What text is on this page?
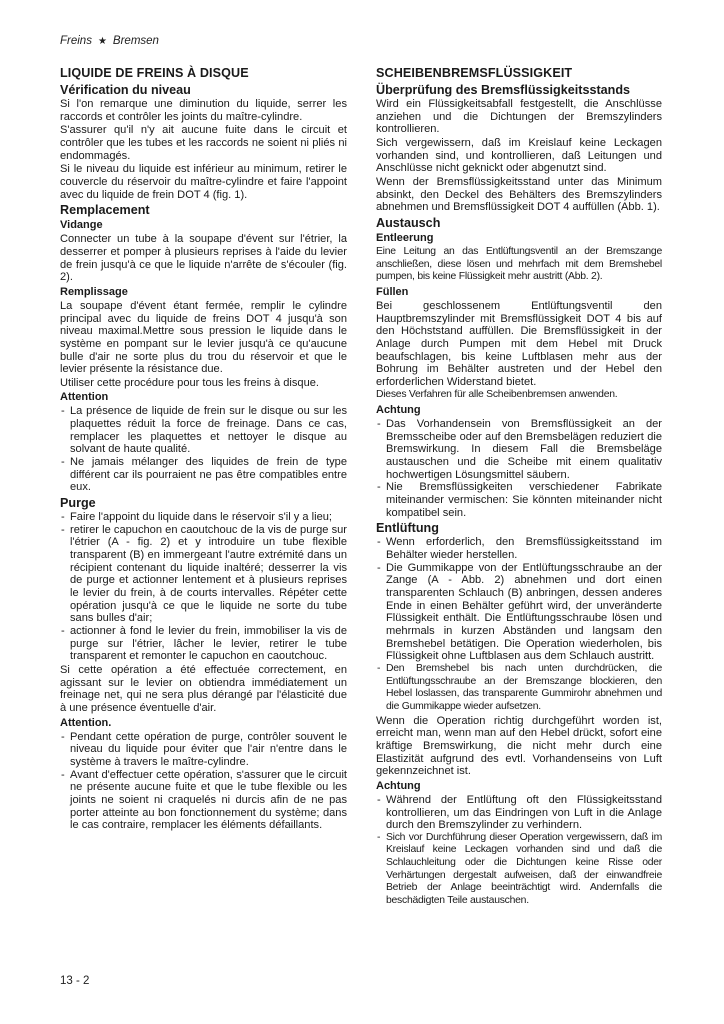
Freins ★ Bremsen
LIQUIDE DE FREINS À DISQUE
Vérification du niveau

Si l'on remarque une diminution du liquide, serrer les raccords et contrôler les joints du maître-cylindre.

S'assurer qu'il n'y ait aucune fuite dans le circuit et contrôler que les tubes et les raccords ne soient ni pliés ni endommagés.

Si le niveau du liquide est inférieur au minimum, retirer le couvercle du réservoir du maître-cylindre et faire l'appoint avec du liquide de frein DOT 4 (fig. 1).

Remplacement
Vidange

Connecter un tube à la soupape d'évent sur l'étrier, la desserrer et pomper à plusieurs reprises à l'aide du levier de frein jusqu'à ce que le liquide n'arrête de s'écouler (fig. 2).

Remplissage

La soupape d'évent étant fermée, remplir le cylindre principal avec du liquide de freins DOT 4 jusqu'à son niveau maximal.Mettre sous pression le liquide dans le système en pompant sur le levier jusqu'à ce qu'aucune bulle d'air ne sorte plus du trou du réservoir et que le levier présente la résistance due.

Utiliser cette procédure pour tous les freins à disque.

Attention
- La présence de liquide de frein sur le disque ou sur les plaquettes réduit la force de freinage. Dans ce cas, remplacer les plaquettes et nettoyer le disque au solvant de haute qualité.
- Ne jamais mélanger des liquides de frein de type différent car ils pourraient ne pas être compatibles entre eux.
Purge
- Faire l'appoint du liquide dans le réservoir s'il y a lieu;
- retirer le capuchon en caoutchouc de la vis de purge sur l'étrier (A - fig. 2) et y introduire un tube flexible transparent (B) en immergeant l'autre extrémité dans un récipient contenant du liquide inaltéré; desserrer la vis de purge et actionner lentement et à plusieurs reprises le levier du frein, à de courts intervalles. Répéter cette opération jusqu'à ce que le liquide ne sorte du tube sans bulles d'air;
- actionner à fond le levier du frein, immobiliser la vis de purge sur l'étrier, lâcher le levier, retirer le tube transparent et remonter le capuchon en caoutchouc.

Si cette opération a été effectuée correctement, en agissant sur le levier on obtiendra immédiatement un freinage net, qui ne sera plus dérangé par l'élasticité due à une présence éventuelle d'air.

Attention.
- Pendant cette opération de purge, contrôler souvent le niveau du liquide pour éviter que l'air n'entre dans le système à travers le maître-cylindre.
- Avant d'effectuer cette opération, s'assurer que le circuit ne présente aucune fuite et que le tube flexible ou les joints ne soient ni craquelés ni durcis afin de ne pas porter atteinte au bon fonctionnement du système; dans le cas contraire, remplacer les éléments défaillants.
SCHEIBENBREMSFLÜSSIGKEIT
Überprüfung des Bremsflüssigkeitsstands

Wird ein Flüssigkeitsabfall festgestellt, die Anschlüsse anziehen und die Dichtungen der Bremszylinders kontrollieren.

Sich vergewissern, daß im Kreislauf keine Leckagen vorhanden sind, und kontrollieren, daß Leitungen und Anschlüsse nicht geknickt oder abgenutzt sind.

Wenn der Bremsflüssigkeitsstand unter das Minimum absinkt, den Deckel des Behälters des Bremszylinders abnehmen und Bremsflüssigkeit DOT 4 auffüllen (Abb. 1).

Austausch
Entleerung

Eine Leitung an das Entlüftungsventil an der Bremszange anschließen, diese lösen und mehrfach mit dem Bremshebel pumpen, bis keine Flüssigkeit mehr austritt (Abb. 2).

Füllen

Bei geschlossenem Entlüftungsventil den Hauptbremszylinder mit Bremsflüssigkeit DOT 4 bis auf den Höchststand auffüllen. Die Bremsflüssigkeit in der Anlage durch Pumpen mit dem Hebel mit Druck beaufschlagen, bis keine Luftblasen mehr aus der Bohrung im Behälter austreten und der Hebel den erforderlichen Widerstand bietet.

Dieses Verfahren für alle Scheibenbremsen anwenden.

Achtung
- Das Vorhandensein von Bremsflüssigkeit an der Bremsscheibe oder auf den Bremsbelägen reduziert die Bremswirkung. In diesem Fall die Bremsbeläge austauschen und die Scheibe mit einem qualitativ hochwertigen Lösungsmittel säubern.
- Nie Bremsflüssigkeiten verschiedener Fabrikate miteinander vermischen: Sie könnten miteinander nicht kompatibel sein.
Entlüftung
- Wenn erforderlich, den Bremsflüssigkeitsstand im Behälter wieder herstellen.
- Die Gummikappe von der Entlüftungsschraube an der Zange (A - Abb. 2) abnehmen und dort einen transparenten Schlauch (B) anbringen, dessen anderes Ende in einen Behälter geführt wird, der unveränderte Flüssigkeit enthält. Die Entlüftungsschraube lösen und mehrmals in kurzen Abständen und langsam den Bremshebel betätigen. Die Operation wiederholen, bis Flüssigkeit ohne Luftblasen aus dem Schlauch austritt.
- Den Bremshebel bis nach unten durchdrücken, die Entlüftungsschraube an der Bremszange blockieren, den Hebel loslassen, das transparente Gummirohr abnehmen und die Gummikappe wieder aufsetzen.

Wenn die Operation richtig durchgeführt worden ist, erreicht man, wenn man auf den Hebel drückt, sofort eine kräftige Bremswirkung, die nicht mehr durch eine Elastizität aufgrund des evtl. Vorhandenseins von Luft gekennzeichnet ist.

Achtung
- Während der Entlüftung oft den Flüssigkeitsstand kontrollieren, um das Eindringen von Luft in die Anlage durch den Bremszylinder zu verhindern.
- Sich vor Durchführung dieser Operation vergewissern, daß im Kreislauf keine Leckagen vorhanden sind und daß die Schlauchleitung oder die Dichtungen keine Risse oder Verhärtungen dergestalt aufweisen, daß der einwandfreie Betrieb der Anlage beeinträchtigt wird. Andernfalls die beschädigten Teile austauschen.
13 - 2
